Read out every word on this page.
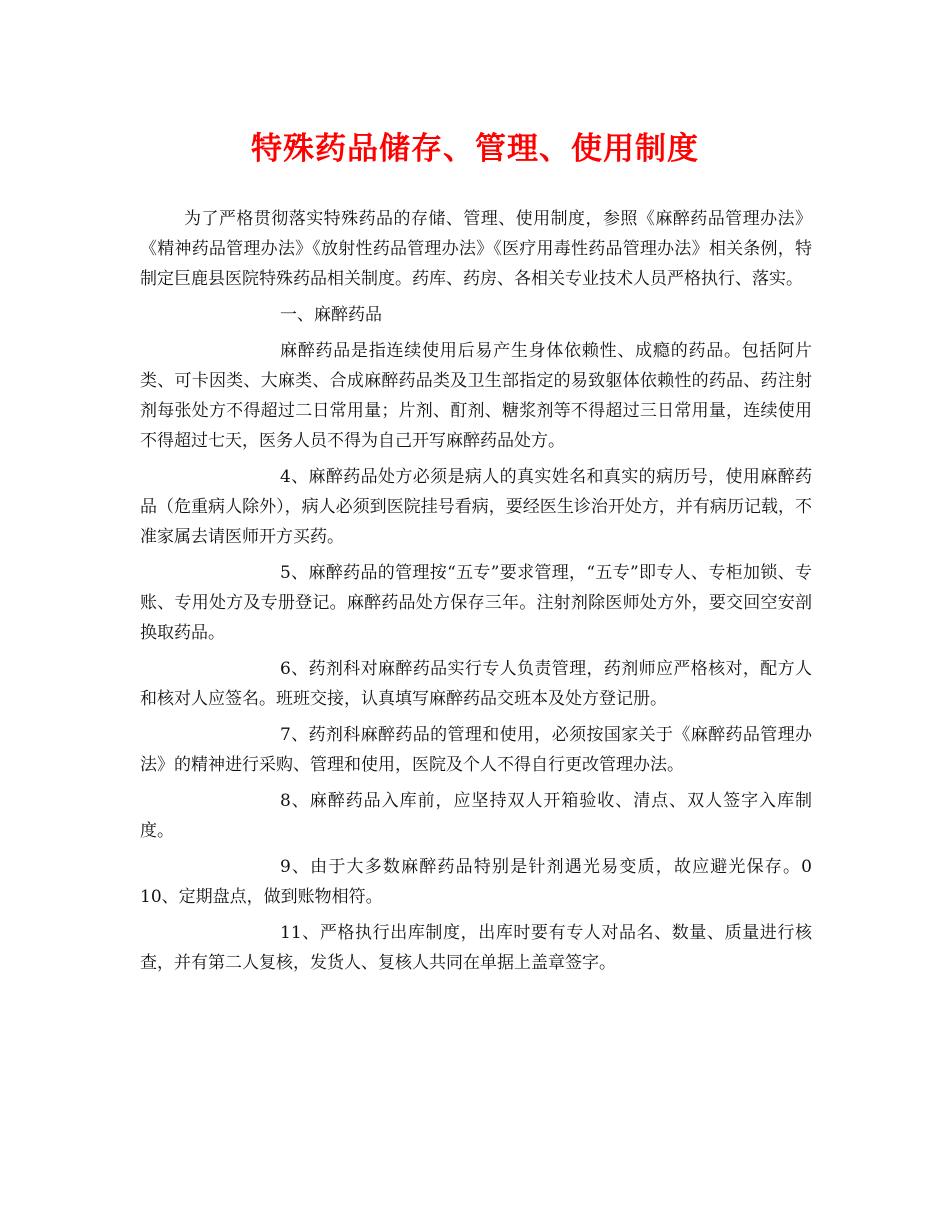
特殊药品储存、管理、使用制度

为了严格贯彻落实特殊药品的存储、管理、使用制度，参照《麻醉药品管理办法》《精神药品管理办法》《放射性药品管理办法》《医疗用毒性药品管理办法》相关条例，特制定巨鹿县医院特殊药品相关制度。药库、药房、各相关专业技术人员严格执行、落实。

一、麻醉药品

麻醉药品是指连续使用后易产生身体依赖性、成瘾的药品。包括阿片类、可卡因类、大麻类、合成麻醉药品类及卫生部指定的易致躯体依赖性的药品、药注射剂每张处方不得超过二日常用量；片剂、酊剂、糖浆剂等不得超过三日常用量，连续使用不得超过七天，医务人员不得为自己开写麻醉药品处方。

4、麻醉药品处方必须是病人的真实姓名和真实的病历号，使用麻醉药品（危重病人除外），病人必须到医院挂号看病，要经医生诊治开处方，并有病历记载，不准家属去请医师开方买药。

5、麻醉药品的管理按“五专”要求管理，“五专”即专人、专柜加锁、专账、专用处方及专册登记。麻醉药品处方保存三年。注射剂除医师处方外，要交回空安剖换取药品。

6、药剂科对麻醉药品实行专人负责管理，药剂师应严格核对，配方人和核对人应签名。班班交接，认真填写麻醉药品交班本及处方登记册。

7、药剂科麻醉药品的管理和使用，必须按国家关于《麻醉药品管理办法》的精神进行采购、管理和使用，医院及个人不得自行更改管理办法。

8、麻醉药品入库前，应坚持双人开箱验收、清点、双人签字入库制度。

9、由于大多数麻醉药品特别是针剂遇光易变质，故应避光保存。0 10、定期盘点，做到账物相符。

11、严格执行出库制度，出库时要有专人对品名、数量、质量进行核查，并有第二人复核，发货人、复核人共同在单据上盖章签字。
